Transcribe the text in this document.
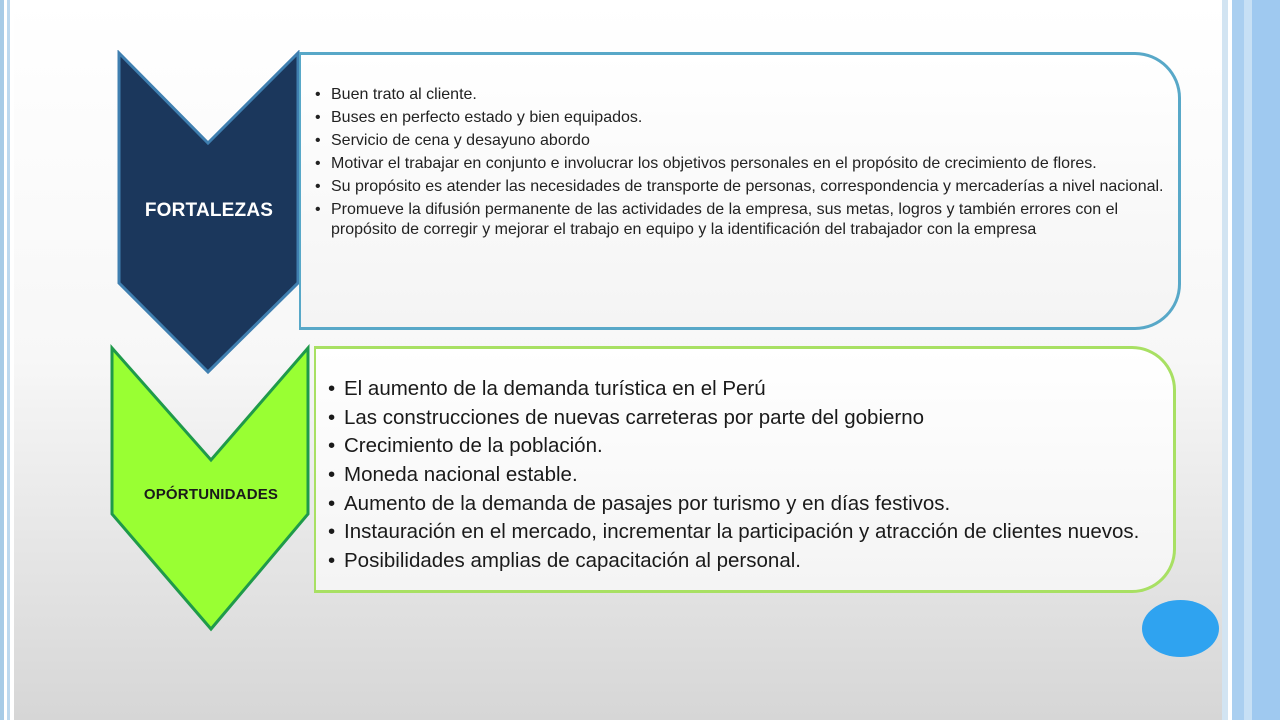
FORTALEZAS
• Buen trato al cliente.
• Buses en perfecto estado y bien equipados.
• Servicio de cena y desayuno abordo
• Motivar el trabajar en conjunto e involucrar los objetivos personales en el propósito de crecimiento de flores.
• Su propósito es atender las necesidades de transporte de personas, correspondencia y mercaderías a nivel nacional.
• Promueve la difusión permanente de las actividades de la empresa, sus metas, logros y también errores con el propósito de corregir y mejorar el trabajo en equipo y la identificación del trabajador con la empresa
OPÓRTUNIDADES
• El aumento de la demanda turística en el Perú
• Las construcciones de nuevas carreteras por parte del gobierno
• Crecimiento de la población.
• Moneda nacional estable.
• Aumento de la demanda de pasajes por turismo y en días festivos.
• Instauración en el mercado, incrementar la participación y atracción de clientes nuevos.
• Posibilidades amplias de capacitación al personal.
